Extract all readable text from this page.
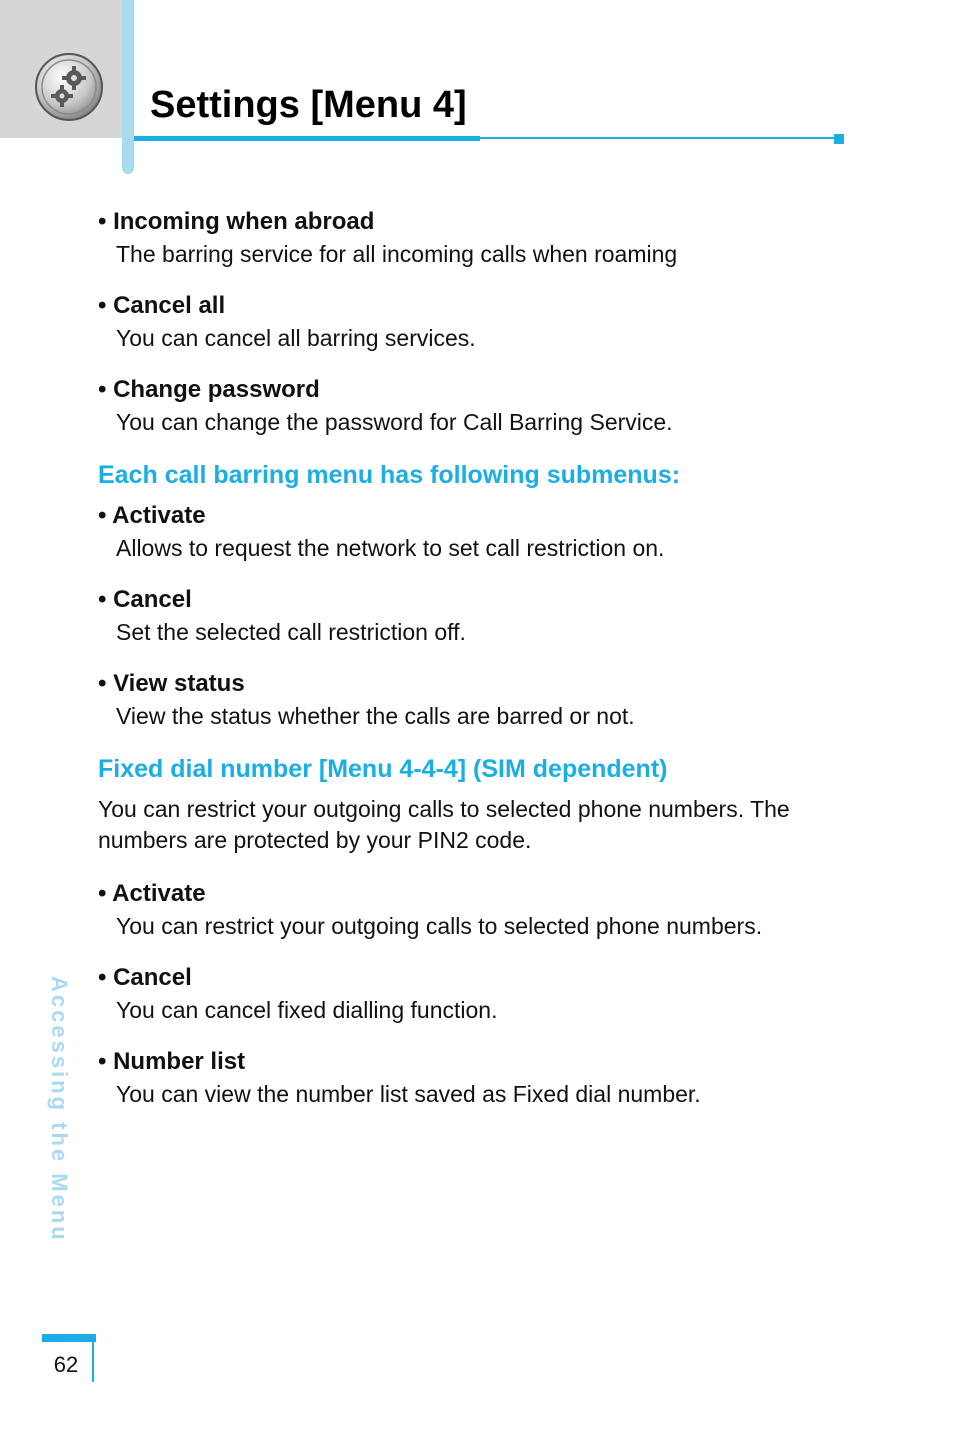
Settings [Menu 4]
• Incoming when abroad
The barring service for all incoming calls when roaming
• Cancel all
You can cancel all barring services.
• Change password
You can change the password for Call Barring Service.
Each call barring menu has following submenus:
• Activate
Allows to request the network to set call restriction on.
• Cancel
Set the selected call restriction off.
• View status
View the status whether the calls are barred or not.
Fixed dial number [Menu 4-4-4] (SIM dependent)
You can restrict your outgoing calls to selected phone numbers. The numbers are protected by your PIN2 code.
• Activate
You can restrict your outgoing calls to selected phone numbers.
• Cancel
You can cancel fixed dialling function.
• Number list
You can view the number list saved as Fixed dial number.
Accessing the Menu
62
